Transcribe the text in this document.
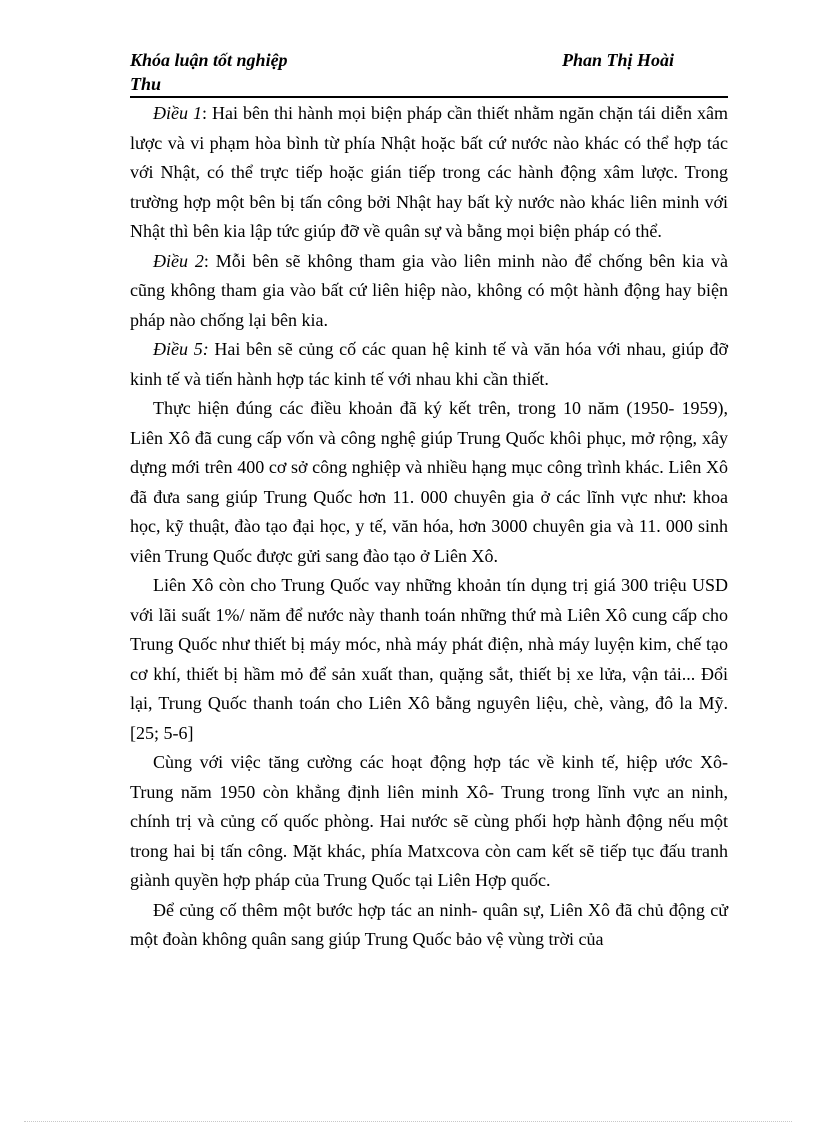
Khóa luận tốt nghiệp
Thu
Phan Thị Hoài

Điều 1: Hai bên thi hành mọi biện pháp cần thiết nhằm ngăn chặn tái diễn xâm lược và vi phạm hòa bình từ phía Nhật hoặc bất cứ nước nào khác có thể hợp tác với Nhật, có thể trực tiếp hoặc gián tiếp trong các hành động xâm lược. Trong trường hợp một bên bị tấn công bởi Nhật hay bất kỳ nước nào khác liên minh với Nhật thì bên kia lập tức giúp đỡ về quân sự và bằng mọi biện pháp có thể.

Điều 2: Mỗi bên sẽ không tham gia vào liên minh nào để chống bên kia và cũng không tham gia vào bất cứ liên hiệp nào, không có một hành động hay biện pháp nào chống lại bên kia.

Điều 5: Hai bên sẽ củng cố các quan hệ kinh tế và văn hóa với nhau, giúp đỡ kinh tế và tiến hành hợp tác kinh tế với nhau khi cần thiết.

Thực hiện đúng các điều khoản đã ký kết trên, trong 10 năm (1950- 1959), Liên Xô đã cung cấp vốn và công nghệ giúp Trung Quốc khôi phục, mở rộng, xây dựng mới trên 400 cơ sở công nghiệp và nhiều hạng mục công trình khác. Liên Xô đã đưa sang giúp Trung Quốc hơn 11. 000 chuyên gia ở các lĩnh vực như: khoa học, kỹ thuật, đào tạo đại học, y tế, văn hóa, hơn 3000 chuyên gia và 11. 000 sinh viên Trung Quốc được gửi sang đào tạo ở Liên Xô.

Liên Xô còn cho Trung Quốc vay những khoản tín dụng trị giá 300 triệu USD với lãi suất 1%/ năm để nước này thanh toán những thứ mà Liên Xô cung cấp cho Trung Quốc như thiết bị máy móc, nhà máy phát điện, nhà máy luyện kim, chế tạo cơ khí, thiết bị hầm mỏ để sản xuất than, quặng sắt, thiết bị xe lửa, vận tải... Đổi lại, Trung Quốc thanh toán cho Liên Xô bằng nguyên liệu, chè, vàng, đô la Mỹ. [25; 5-6]

Cùng với việc tăng cường các hoạt động hợp tác về kinh tế, hiệp ước Xô- Trung năm 1950 còn khẳng định liên minh Xô- Trung trong lĩnh vực an ninh, chính trị và củng cố quốc phòng. Hai nước sẽ cùng phối hợp hành động nếu một trong hai bị tấn công. Mặt khác, phía Matxcova còn cam kết sẽ tiếp tục đấu tranh giành quyền hợp pháp của Trung Quốc tại Liên Hợp quốc.

Để củng cố thêm một bước hợp tác an ninh- quân sự, Liên Xô đã chủ động cử một đoàn không quân sang giúp Trung Quốc bảo vệ vùng trời của
